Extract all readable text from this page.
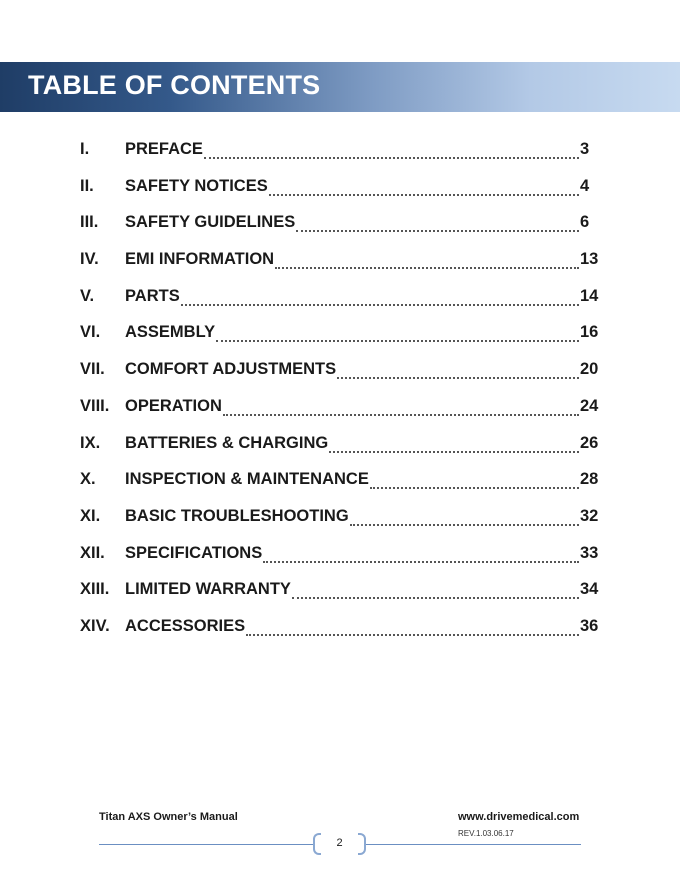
TABLE OF CONTENTS
I.	PREFACE	3
II.	SAFETY NOTICES	4
III.	SAFETY GUIDELINES	6
IV.	EMI INFORMATION	13
V.	PARTS	14
VI.	ASSEMBLY	16
VII.	COMFORT ADJUSTMENTS	20
VIII. OPERATION	24
IX.	BATTERIES & CHARGING	26
X.	INSPECTION & MAINTENANCE	28
XI.	BASIC TROUBLESHOOTING	32
XII.	SPECIFICATIONS	33
XIII. LIMITED WARRANTY	34
XIV. ACCESSORIES	36
Titan AXS Owner’s Manual	www.drivemedical.com
REV.1.03.06.17
2
